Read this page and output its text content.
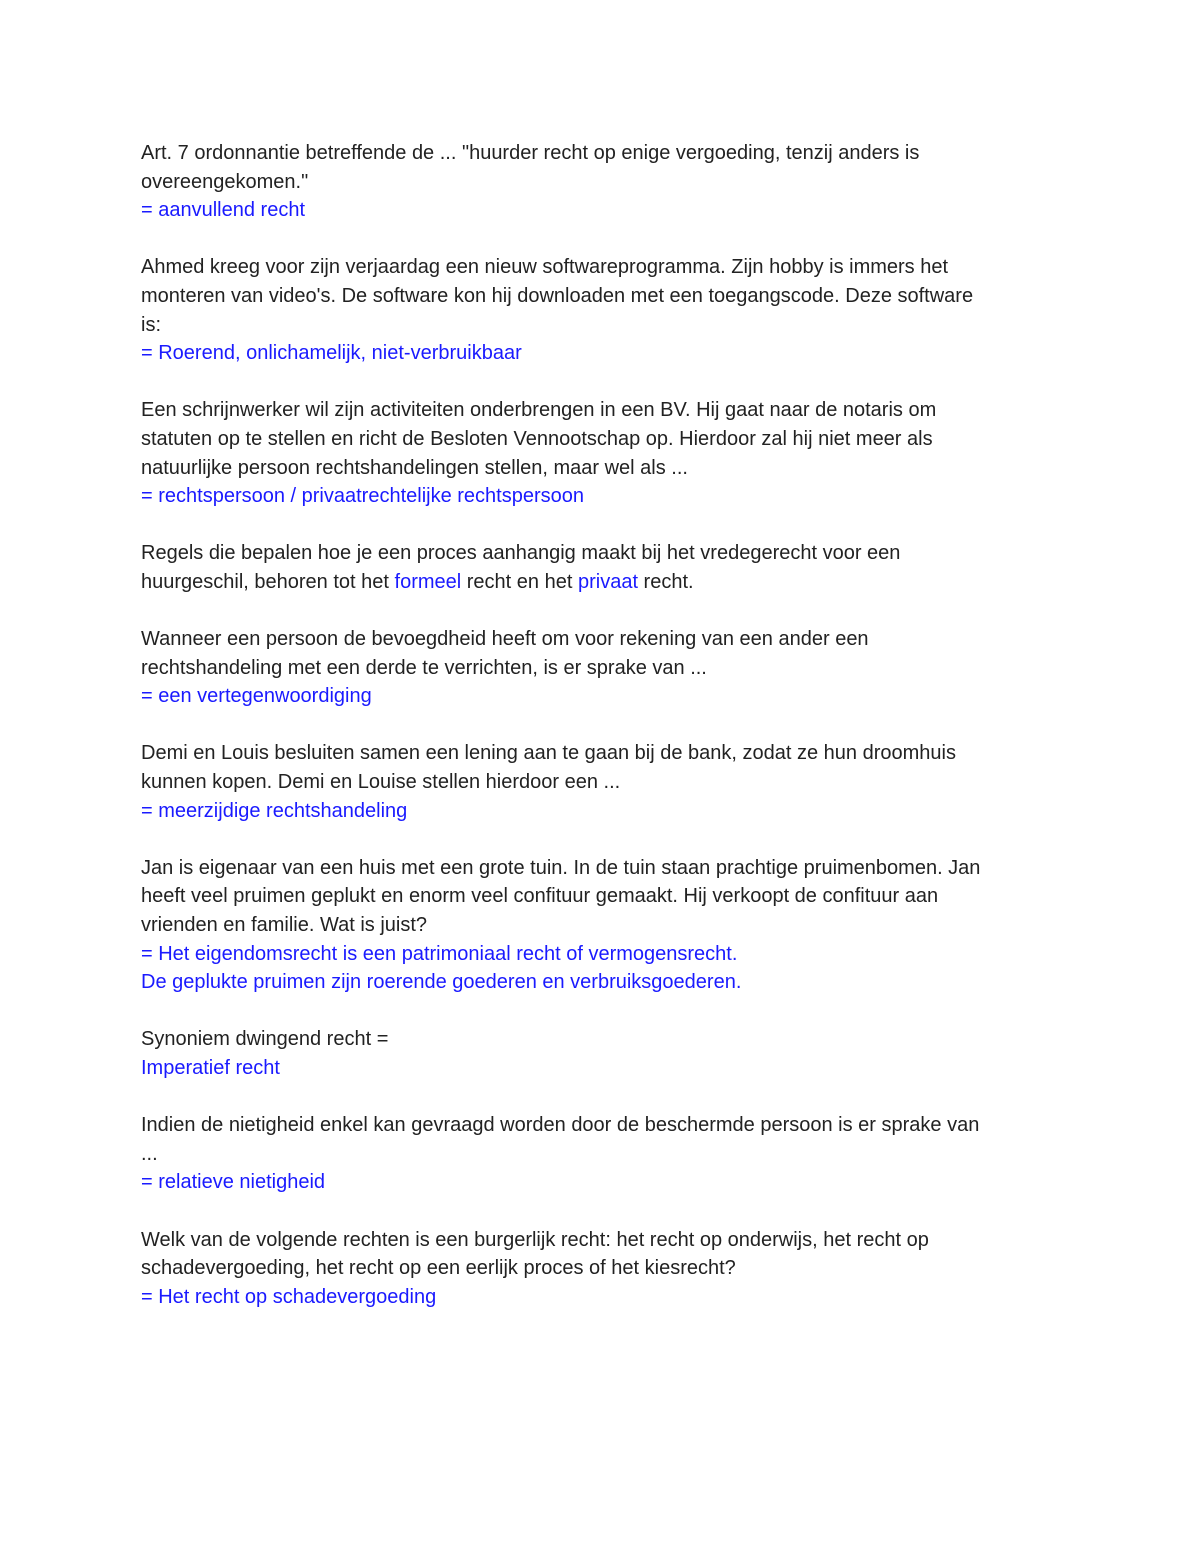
Art. 7 ordonnantie betreffende de ... "huurder recht op enige vergoeding, tenzij anders is
overeengekomen."
= aanvullend recht
Ahmed kreeg voor zijn verjaardag een nieuw softwareprogramma. Zijn hobby is immers het
monteren van video's. De software kon hij downloaden met een toegangscode. Deze software
is:
= Roerend, onlichamelijk, niet-verbruikbaar
Een schrijnwerker wil zijn activiteiten onderbrengen in een BV. Hij gaat naar de notaris om
statuten op te stellen en richt de Besloten Vennootschap op. Hierdoor zal hij niet meer als
natuurlijke persoon rechtshandelingen stellen, maar wel als ...
= rechtspersoon / privaatrechtelijke rechtspersoon
Regels die bepalen hoe je een proces aanhangig maakt bij het vredegerecht voor een
huurgeschil, behoren tot het formeel recht en het privaat recht.
Wanneer een persoon de bevoegdheid heeft om voor rekening van een ander een
rechtshandeling met een derde te verrichten, is er sprake van ...
= een vertegenwoordiging
Demi en Louis besluiten samen een lening aan te gaan bij de bank, zodat ze hun droomhuis
kunnen kopen. Demi en Louise stellen hierdoor een ...
= meerzijdige rechtshandeling
Jan is eigenaar van een huis met een grote tuin. In de tuin staan prachtige pruimenbomen. Jan
heeft veel pruimen geplukt en enorm veel confituur gemaakt. Hij verkoopt de confituur aan
vrienden en familie. Wat is juist?
= Het eigendomsrecht is een patrimoniaal recht of vermogensrecht.
De geplukte pruimen zijn roerende goederen en verbruiksgoederen.
Synoniem dwingend recht =
Imperatief recht
Indien de nietigheid enkel kan gevraagd worden door de beschermde persoon is er sprake van
...
= relatieve nietigheid
Welk van de volgende rechten is een burgerlijk recht: het recht op onderwijs, het recht op
schadevergoeding, het recht op een eerlijk proces of het kiesrecht?
= Het recht op schadevergoeding
